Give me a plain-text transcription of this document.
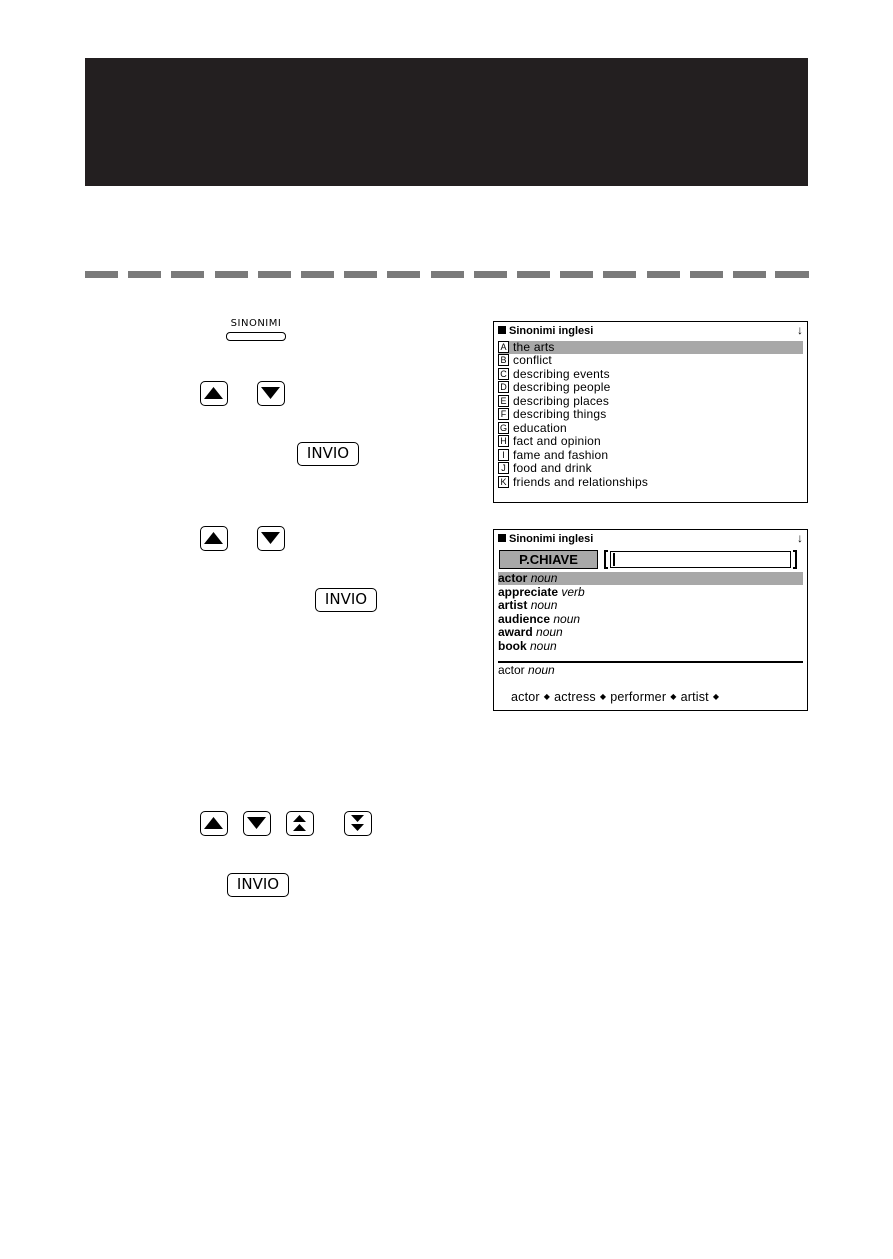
SINONIMI
INVIO
INVIO
INVIO
Sinonimi inglesi	↓
A the arts
B conflict
C describing events
D describing people
E describing places
F describing things
G education
H fact and opinion
I fame and fashion
J food and drink
K friends and relationships
Sinonimi inglesi	↓
P.CHIAVE
actor noun
appreciate verb
artist noun
audience noun
award noun
book noun
actor noun
actor ◆ actress ◆ performer ◆ artist ◆
